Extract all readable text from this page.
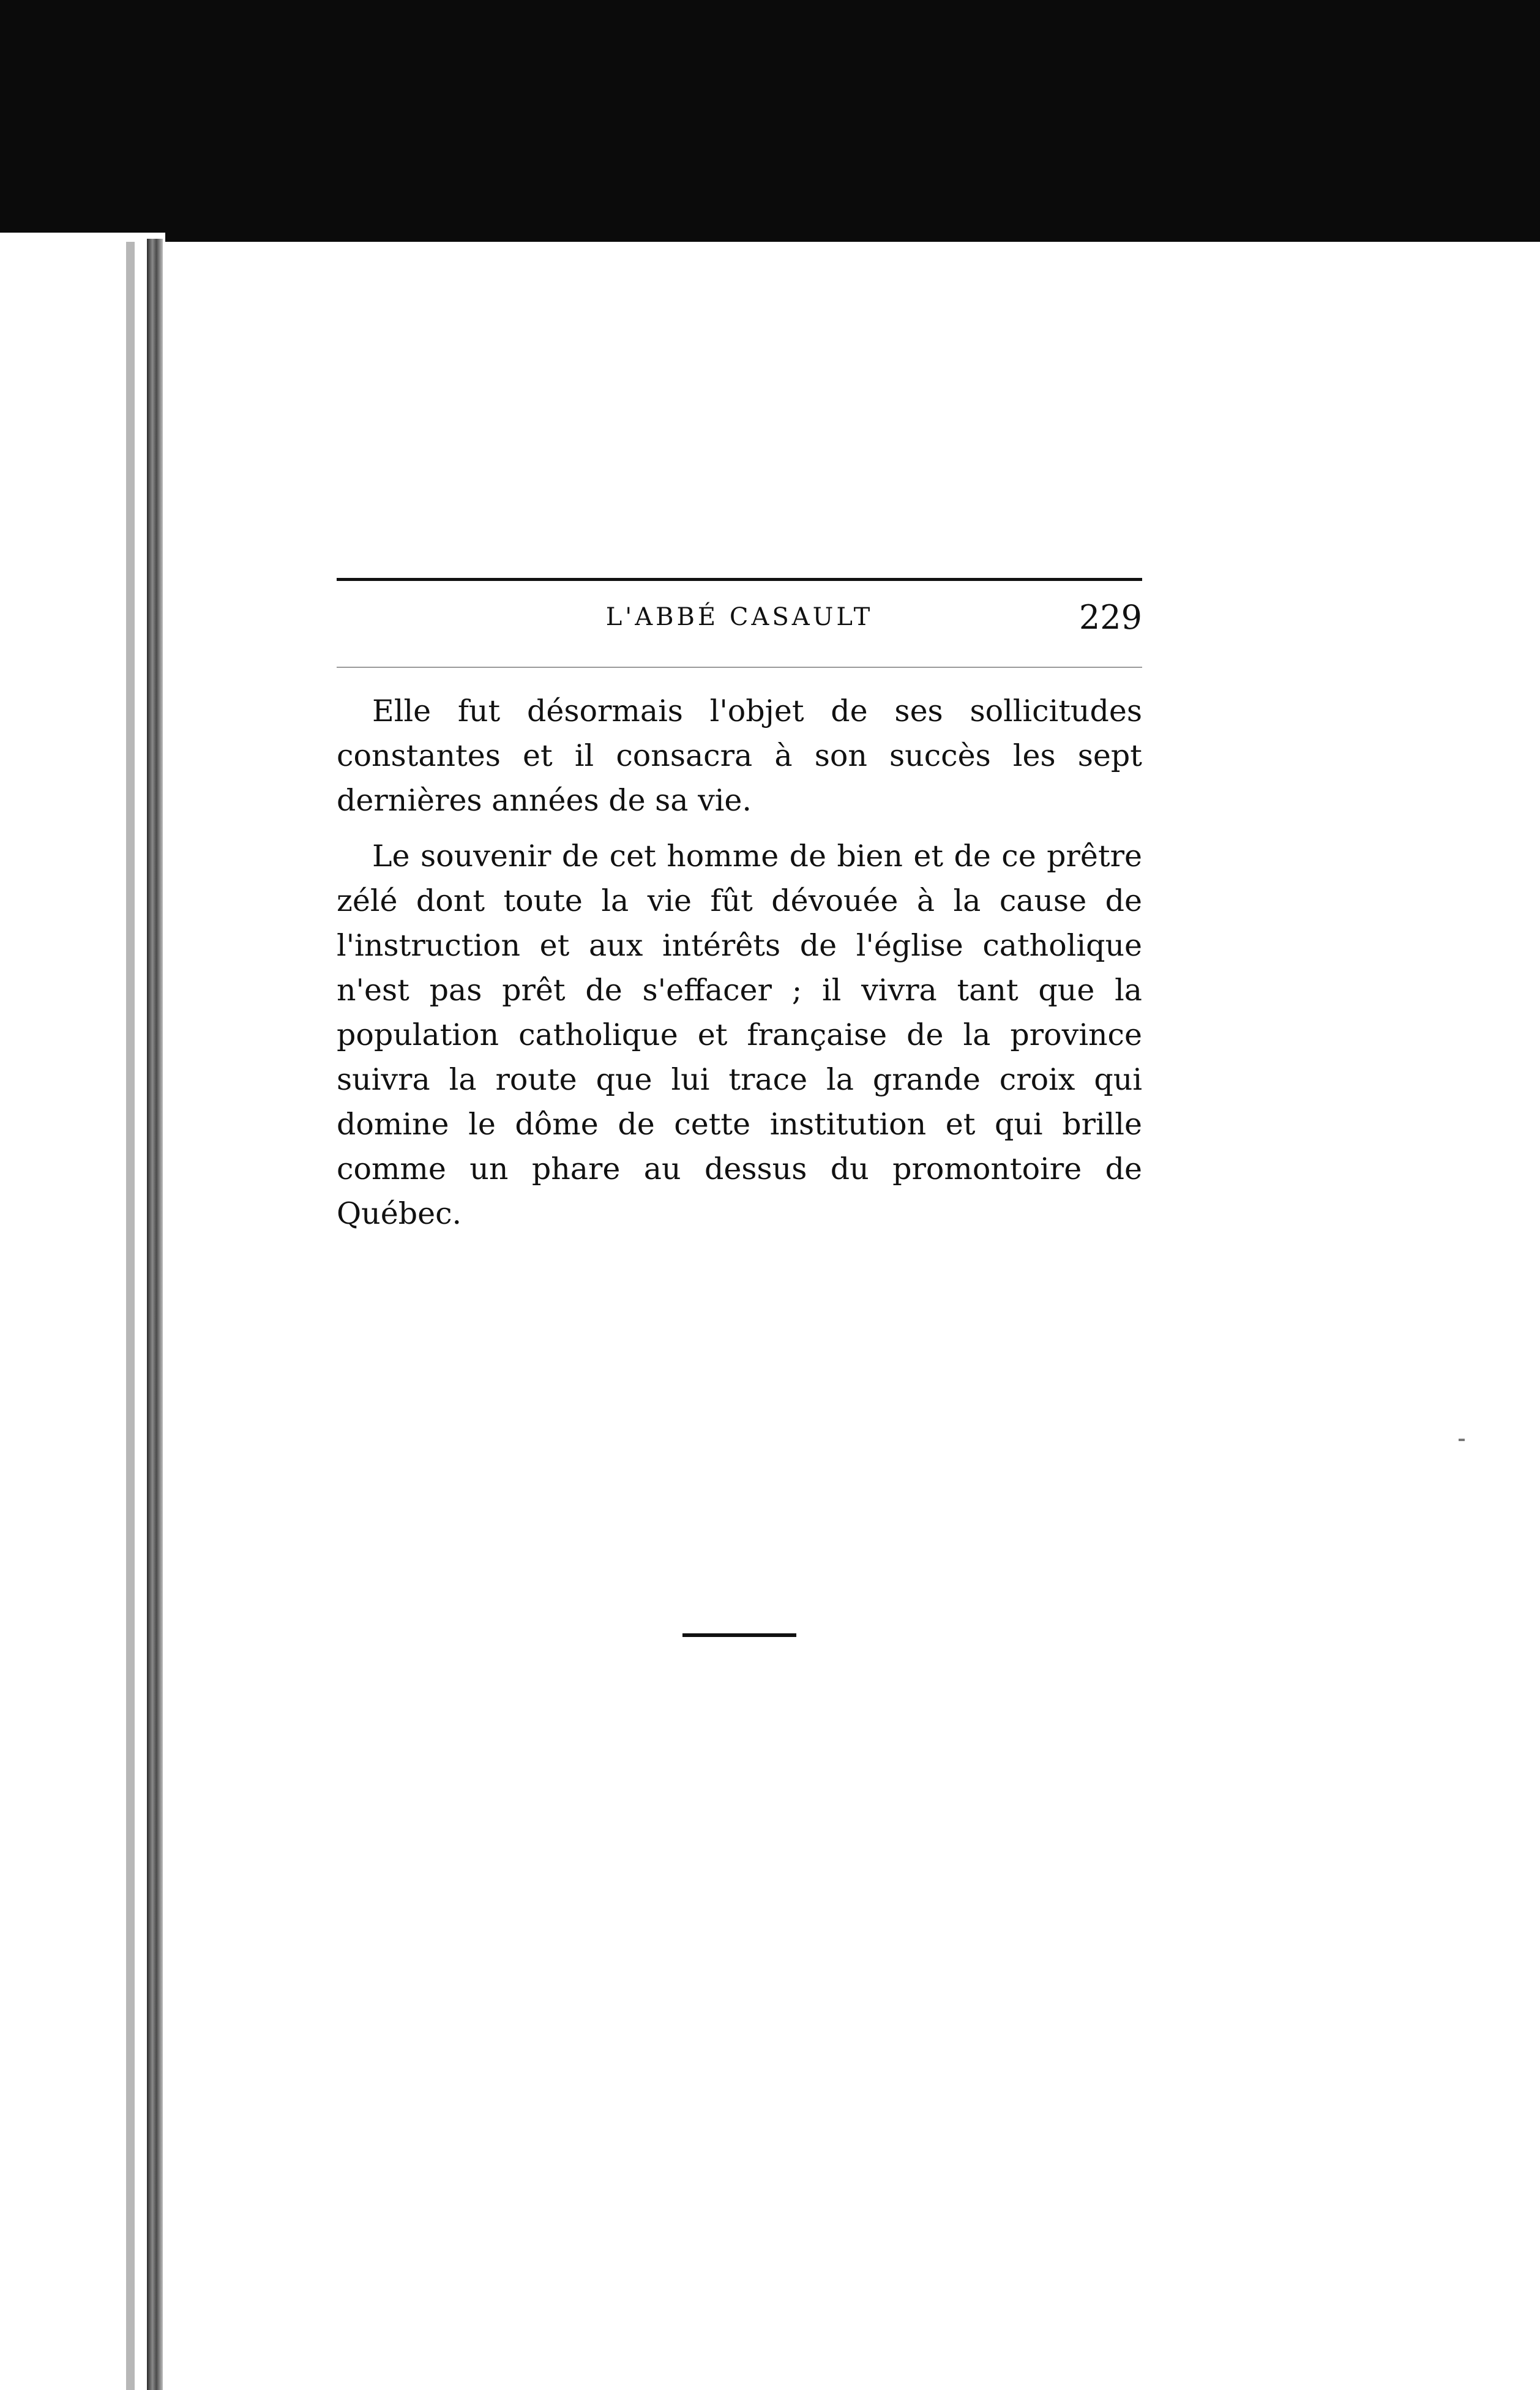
L'ABBÉ CASAULT	229

Elle fut désormais l'objet de ses sollicitudes constantes et il consacra à son succès les sept dernières années de sa vie.

Le souvenir de cet homme de bien et de ce prêtre zélé dont toute la vie fût dévouée à la cause de l'instruction et aux intérêts de l'église catholique n'est pas prêt de s'effacer ; il vivra tant que la population catholique et française de la province suivra la route que lui trace la grande croix qui domine le dôme de cette institution et qui brille comme un phare au dessus du promontoire de Québec.
